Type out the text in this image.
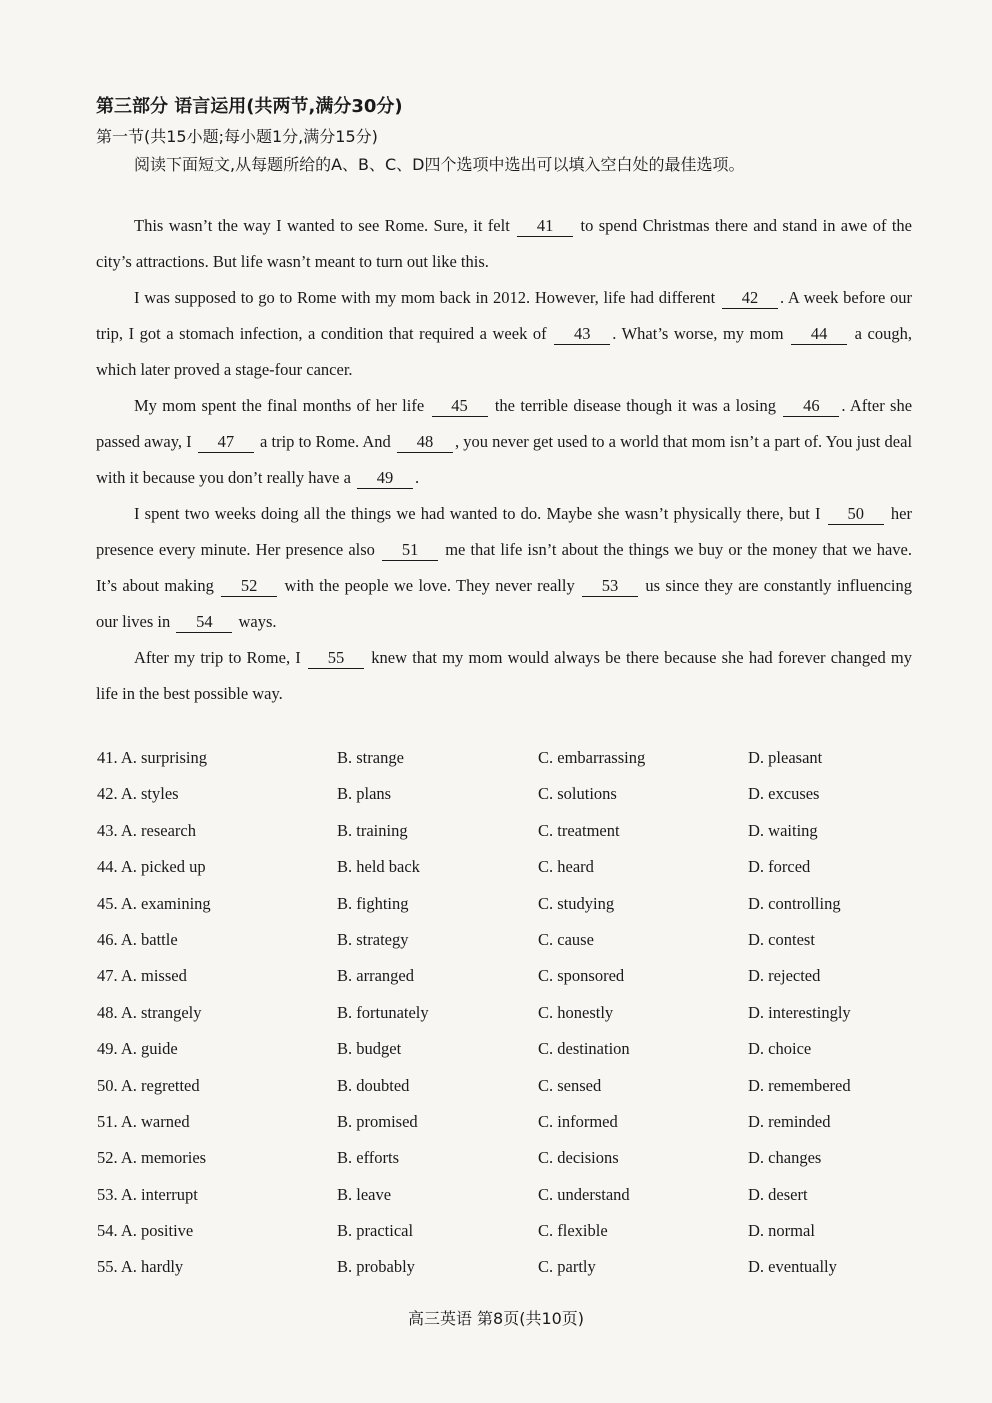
第三部分 语言运用(共两节,满分30分)
第一节(共15小题;每小题1分,满分15分)
阅读下面短文,从每题所给的A、B、C、D四个选项中选出可以填入空白处的最佳选项。

This wasn’t the way I wanted to see Rome. Sure, it felt 41 to spend Christmas there and stand in awe of the city’s attractions. But life wasn’t meant to turn out like this.

I was supposed to go to Rome with my mom back in 2012. However, life had different 42 . A week before our trip, I got a stomach infection, a condition that required a week of 43 . What’s worse, my mom 44 a cough, which later proved a stage-four cancer.

My mom spent the final months of her life 45 the terrible disease though it was a losing 46 . After she passed away, I 47 a trip to Rome. And 48 , you never get used to a world that mom isn’t a part of. You just deal with it because you don’t really have a 49 .

I spent two weeks doing all the things we had wanted to do. Maybe she wasn’t physically there, but I 50 her presence every minute. Her presence also 51 me that life isn’t about the things we buy or the money that we have. It’s about making 52 with the people we love. They never really 53 us since they are constantly influencing our lives in 54 ways.

After my trip to Rome, I 55 knew that my mom would always be there because she had forever changed my life in the best possible way.

41. A. surprising	B. strange	C. embarrassing	D. pleasant
42. A. styles	B. plans	C. solutions	D. excuses
43. A. research	B. training	C. treatment	D. waiting
44. A. picked up	B. held back	C. heard	D. forced
45. A. examining	B. fighting	C. studying	D. controlling
46. A. battle	B. strategy	C. cause	D. contest
47. A. missed	B. arranged	C. sponsored	D. rejected
48. A. strangely	B. fortunately	C. honestly	D. interestingly
49. A. guide	B. budget	C. destination	D. choice
50. A. regretted	B. doubted	C. sensed	D. remembered
51. A. warned	B. promised	C. informed	D. reminded
52. A. memories	B. efforts	C. decisions	D. changes
53. A. interrupt	B. leave	C. understand	D. desert
54. A. positive	B. practical	C. flexible	D. normal
55. A. hardly	B. probably	C. partly	D. eventually
高三英语 第8页(共10页)
